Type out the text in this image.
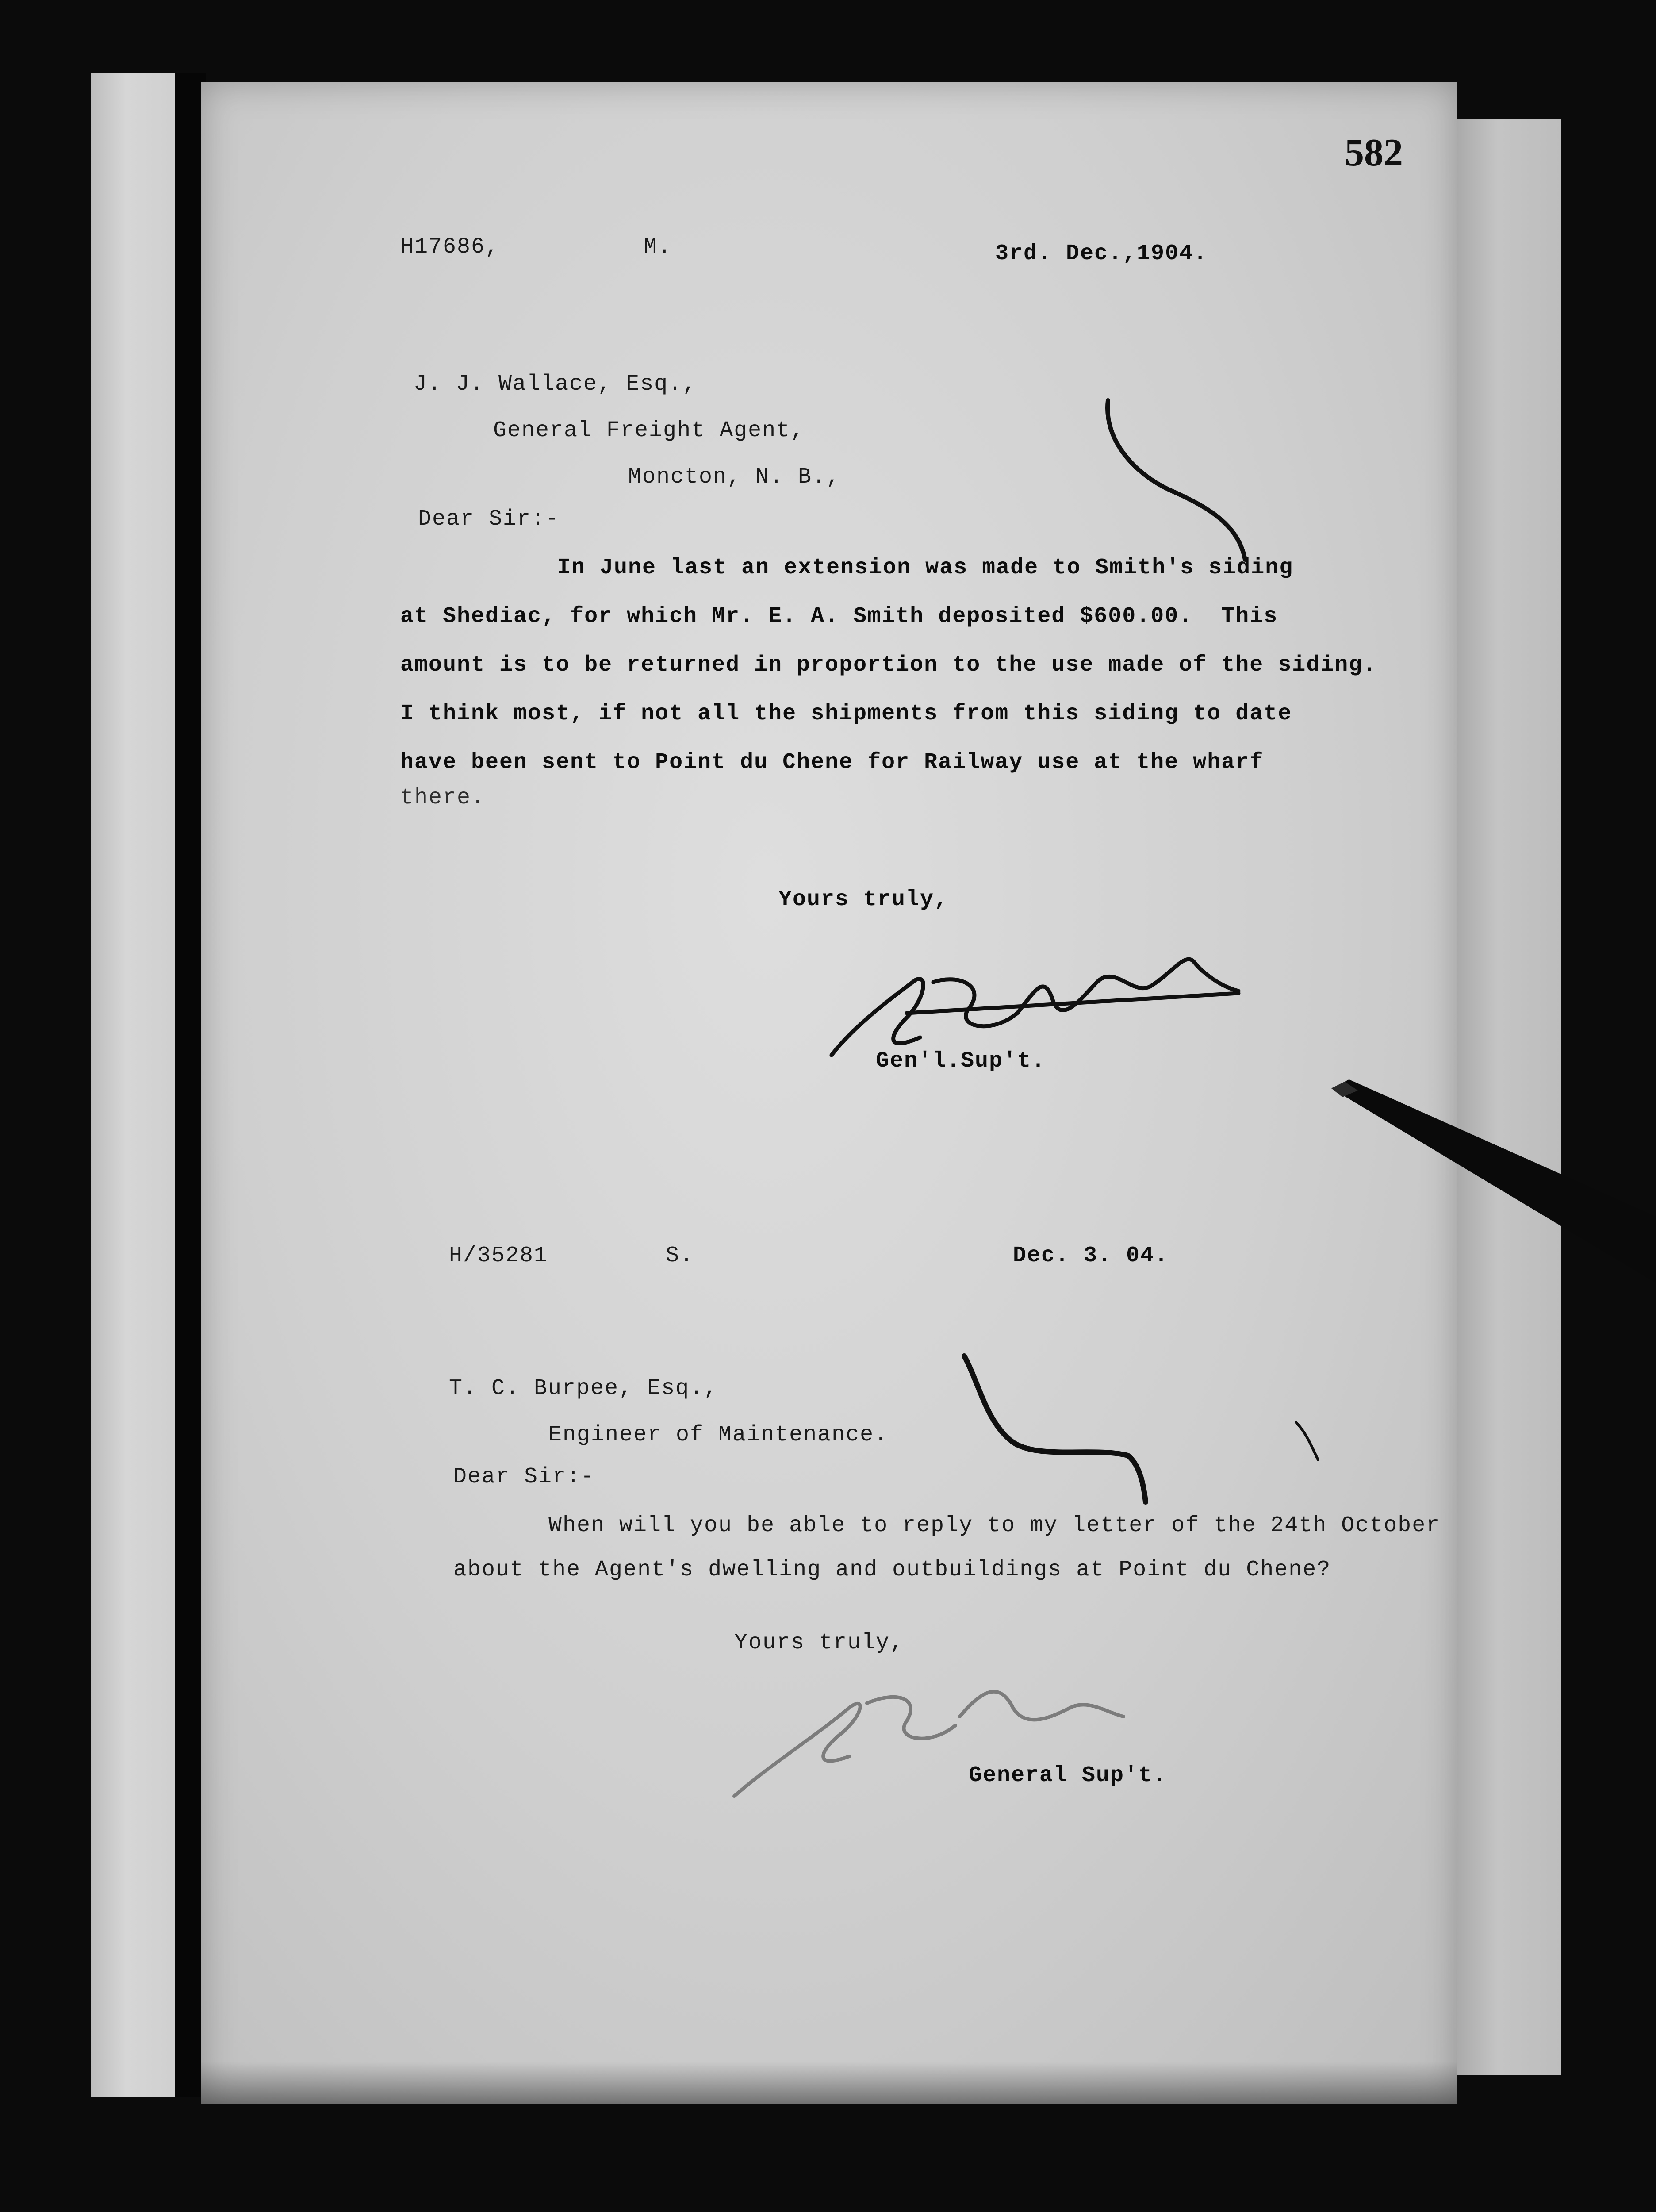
582
H17686,	M.	3rd. Dec.,1904.
J. J. Wallace, Esq.,
General Freight Agent,
Moncton, N. B.,
Dear Sir:-
In June last an extension was made to Smith's siding
at Shediac, for which Mr. E. A. Smith deposited $600.00.  This
amount is to be returned in proportion to the use made of the siding.
I think most, if not all the shipments from this siding to date
have been sent to Point du Chene for Railway use at the wharf
there.
Yours truly,
Gen'l.Sup't.
H/35281	S.	Dec. 3. 04.
T. C. Burpee, Esq.,
Engineer of Maintenance.
Dear Sir:-
When will you be able to reply to my letter of the 24th October
about the Agent's dwelling and outbuildings at Point du Chene?
Yours truly,
General Sup't.
